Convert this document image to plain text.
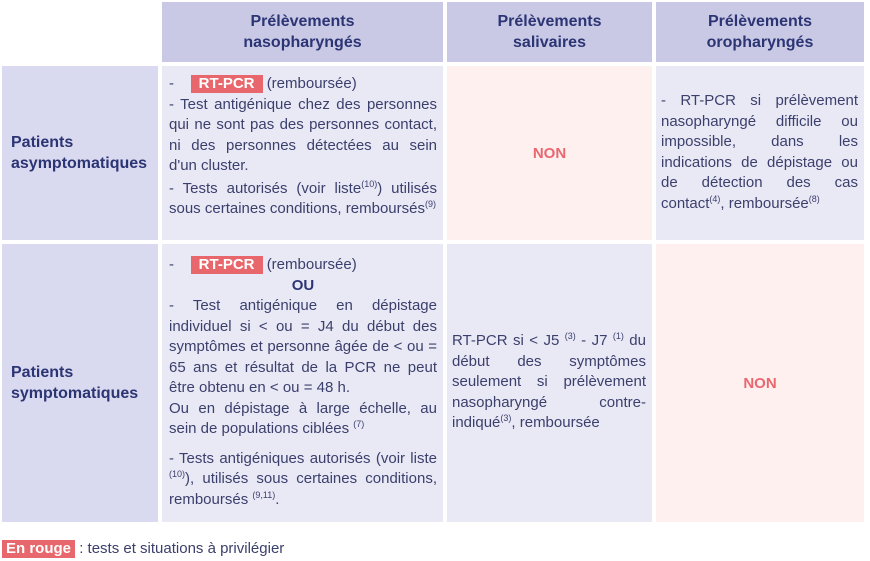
Prélèvements
nasopharyngés
Prélèvements
salivaires
Prélèvements
oropharyngés
Patients
asymptomatiques

-    RT-PCR (remboursée)

- Test antigénique chez des personnes qui ne sont pas des personnes contact, ni des personnes détectées au sein d'un cluster.

- Tests autorisés (voir liste$^{(10)}$) utilisés sous certaines conditions, remboursés$^{(9)}$

NON

- RT-PCR si prélèvement nasopharyngé difficile ou impossible, dans les indications de dépistage ou de détection des cas contact$^{(4)}$, remboursée$^{(8)}$

Patients
symptomatiques

-    RT-PCR (remboursée)

OU

- Test antigénique en dépistage individuel si < ou = J4 du début des symptômes et personne âgée de < ou = 65 ans et résultat de la PCR ne peut être obtenu en < ou = 48 h.

Ou en dépistage à large échelle, au sein de populations ciblées $^{(7)}$

- Tests antigéniques autorisés (voir liste $^{(10)}$), utilisés sous certaines conditions, remboursés $^{(9,11)}$.

RT-PCR si < J5 $^{(3)}$ - J7 $^{(1)}$ du début des symptômes seulement si prélèvement nasopharyngé contre-indiqué$^{(3)}$, remboursée

NON
En rouge : tests et situations à privilégier
